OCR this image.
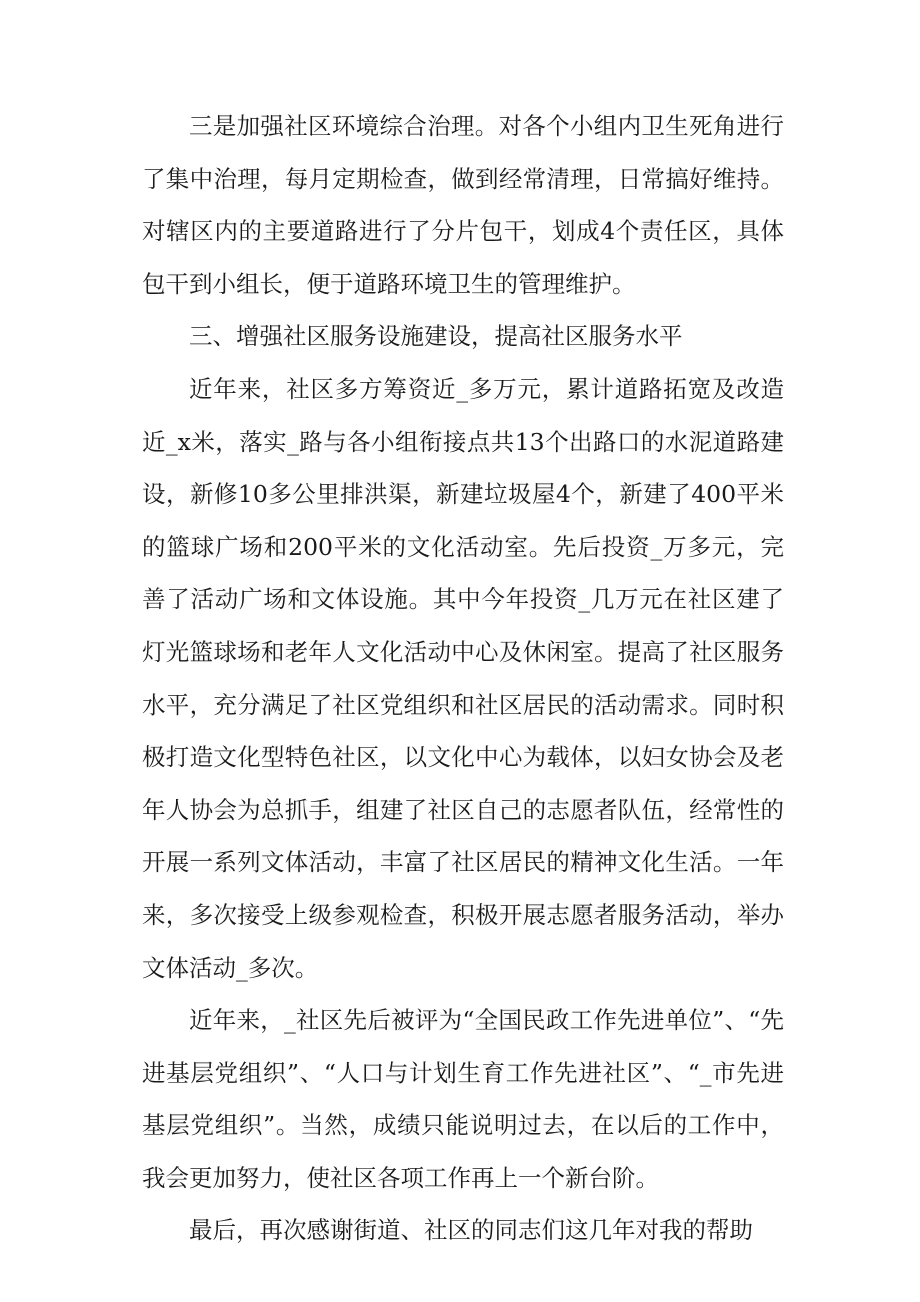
三是加强社区环境综合治理。对各个小组内卫生死角进行了集中治理，每月定期检查，做到经常清理，日常搞好维持。对辖区内的主要道路进行了分片包干，划成4个责任区，具体包干到小组长，便于道路环境卫生的管理维护。

三、增强社区服务设施建设，提高社区服务水平

近年来，社区多方筹资近_多万元，累计道路拓宽及改造近_x米，落实_路与各小组衔接点共13个出路口的水泥道路建设，新修10多公里排洪渠，新建垃圾屋4个，新建了400平米的篮球广场和200平米的文化活动室。先后投资_万多元，完善了活动广场和文体设施。其中今年投资_几万元在社区建了灯光篮球场和老年人文化活动中心及休闲室。提高了社区服务水平，充分满足了社区党组织和社区居民的活动需求。同时积极打造文化型特色社区，以文化中心为载体，以妇女协会及老年人协会为总抓手，组建了社区自己的志愿者队伍，经常性的开展一系列文体活动，丰富了社区居民的精神文化生活。一年来，多次接受上级参观检查，积极开展志愿者服务活动，举办文体活动_多次。

近年来，_社区先后被评为“全国民政工作先进单位”、“先进基层党组织”、“人口与计划生育工作先进社区”、“_市先进基层党组织”。当然，成绩只能说明过去，在以后的工作中，我会更加努力，使社区各项工作再上一个新台阶。

最后，再次感谢街道、社区的同志们这几年对我的帮助
